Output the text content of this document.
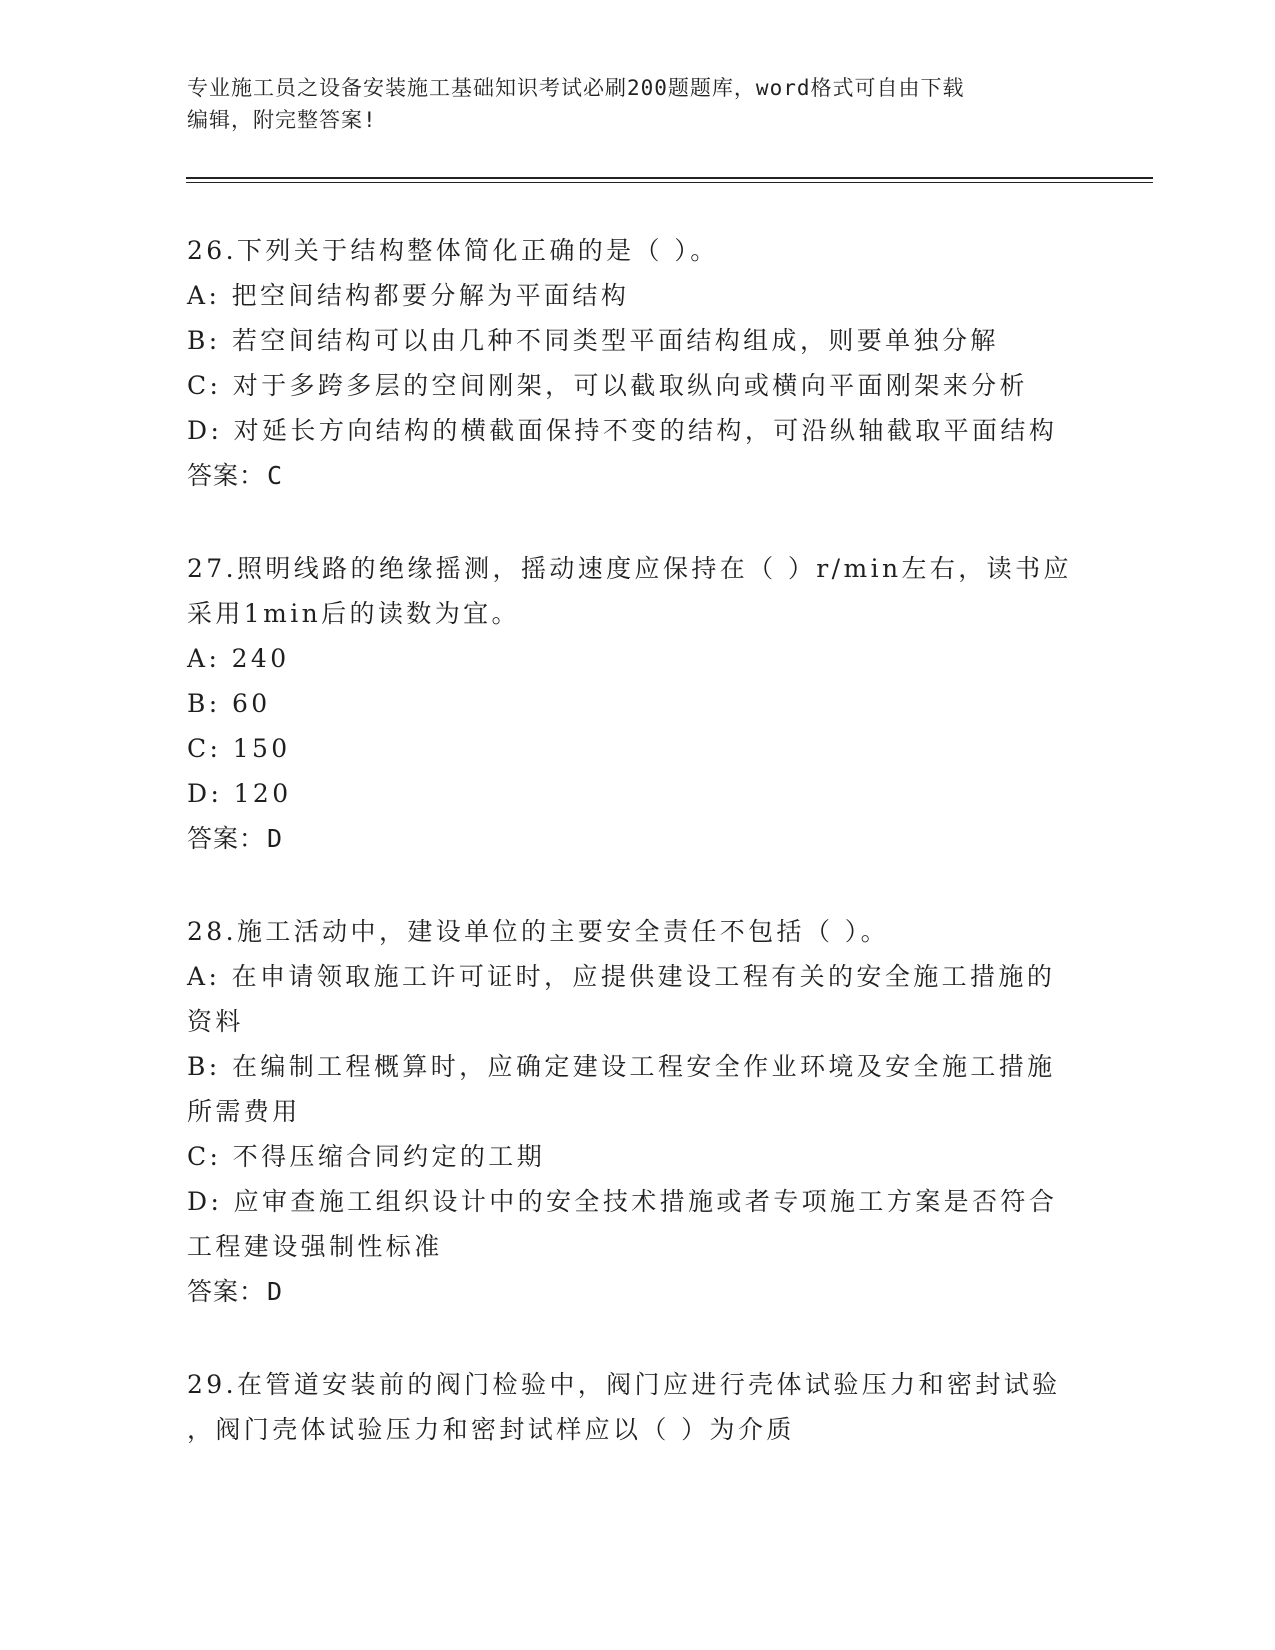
专业施工员之设备安装施工基础知识考试必刷200题题库，word格式可自由下载
编辑，附完整答案!
26.下列关于结构整体简化正确的是（ ）。
A: 把空间结构都要分解为平面结构
B: 若空间结构可以由几种不同类型平面结构组成，则要单独分解
C: 对于多跨多层的空间刚架，可以截取纵向或横向平面刚架来分析
D: 对延长方向结构的横截面保持不变的结构，可沿纵轴截取平面结构
答案：C
27.照明线路的绝缘摇测，摇动速度应保持在（ ）r/min左右，读书应
采用1min后的读数为宜。
A: 240
B: 60
C: 150
D: 120
答案：D
28.施工活动中，建设单位的主要安全责任不包括（ ）。
A: 在申请领取施工许可证时，应提供建设工程有关的安全施工措施的
资料
B: 在编制工程概算时，应确定建设工程安全作业环境及安全施工措施
所需费用
C: 不得压缩合同约定的工期
D: 应审查施工组织设计中的安全技术措施或者专项施工方案是否符合
工程建设强制性标准
答案：D
29.在管道安装前的阀门检验中，阀门应进行壳体试验压力和密封试验
，阀门壳体试验压力和密封试样应以（ ）为介质
